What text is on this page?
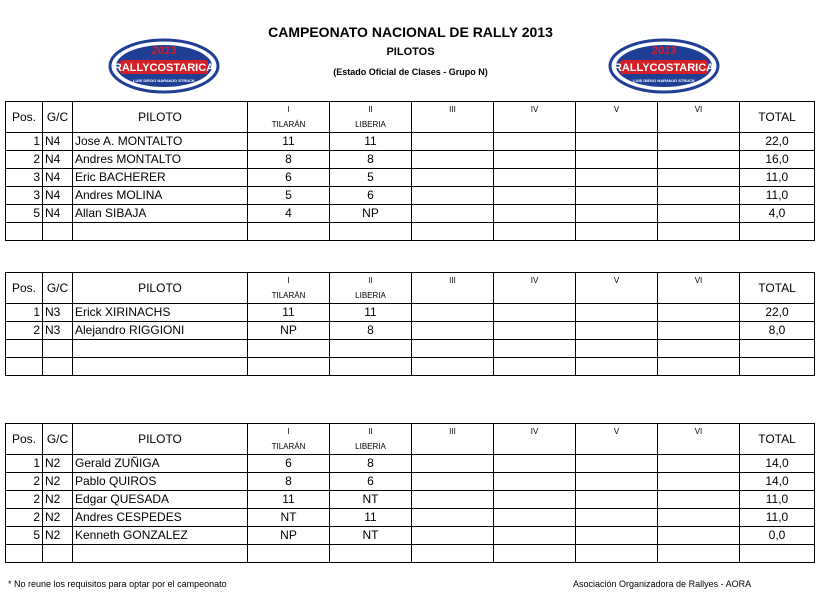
CAMPEONATO NACIONAL DE RALLY 2013
PILOTOS
(Estado Oficial de Clases - Grupo N)
RALLYCOSTARICA
2013
LUIS DIEGO NARANJO STRUCK
RALLYCOSTARICA
2013
LUIS DIEGO NARANJO STRUCK
Pos.	G/C	PILOTO	I	II	III	IV	V	VI	TOTAL
			TILARÁN	LIBERIA					
1	N4	Jose A. MONTALTO	11	11					22,0
2	N4	Andres MONTALTO	8	8					16,0
3	N4	Eric BACHERER	6	5					11,0
3	N4	Andres MOLINA	5	6					11,0
5	N4	Allan SIBAJA	4	NP					4,0

Pos.	G/C	PILOTO	I	II	III	IV	V	VI	TOTAL
			TILARÁN	LIBERIA					
1	N3	Erick XIRINACHS	11	11					22,0
2	N3	Alejandro RIGGIONI	NP	8					8,0

Pos.	G/C	PILOTO	I	II	III	IV	V	VI	TOTAL
			TILARÁN	LIBERIA					
1	N2	Gerald ZUÑIGA	6	8					14,0
2	N2	Pablo QUIROS	8	6					14,0
2	N2	Edgar QUESADA	11	NT					11,0
2	N2	Andres CESPEDES	NT	11					11,0
5	N2	Kenneth GONZALEZ	NP	NT					0,0

* No reune los requisitos para optar por el campeonato	Asociación Organizadora de Rallyes - AORA
